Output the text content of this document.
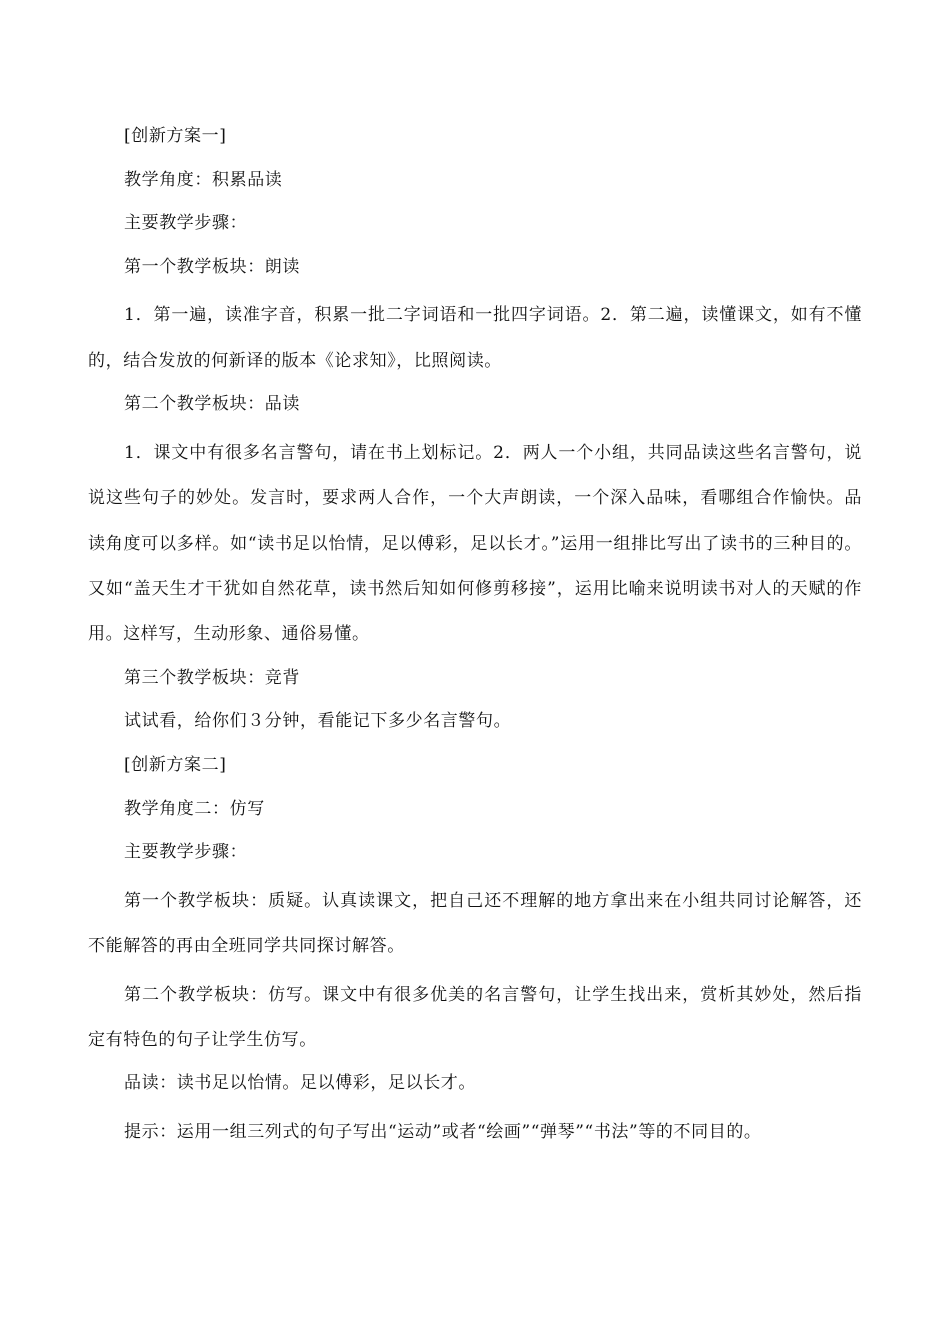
[创新方案一]

教学角度：积累品读

主要教学步骤：

第一个教学板块：朗读

1．第一遍，读准字音，积累一批二字词语和一批四字词语。2．第二遍，读懂课文，如有不懂的，结合发放的何新译的版本《论求知》，比照阅读。

第二个教学板块：品读

1．课文中有很多名言警句，请在书上划标记。2．两人一个小组，共同品读这些名言警句，说说这些句子的妙处。发言时，要求两人合作，一个大声朗读，一个深入品味，看哪组合作愉快。品读角度可以多样。如“读书足以怡情，足以傅彩，足以长才。”运用一组排比写出了读书的三种目的。又如“盖天生才干犹如自然花草，读书然后知如何修剪移接”，运用比喻来说明读书对人的天赋的作用。这样写，生动形象、通俗易懂。

第三个教学板块：竞背

试试看，给你们３分钟，看能记下多少名言警句。

[创新方案二]

教学角度二：仿写

主要教学步骤：

第一个教学板块：质疑。认真读课文，把自己还不理解的地方拿出来在小组共同讨论解答，还不能解答的再由全班同学共同探讨解答。

第二个教学板块：仿写。课文中有很多优美的名言警句，让学生找出来，赏析其妙处，然后指定有特色的句子让学生仿写。

品读：读书足以怡情。足以傅彩，足以长才。

提示：运用一组三列式的句子写出“运动”或者“绘画”“弹琴”“书法”等的不同目的。
